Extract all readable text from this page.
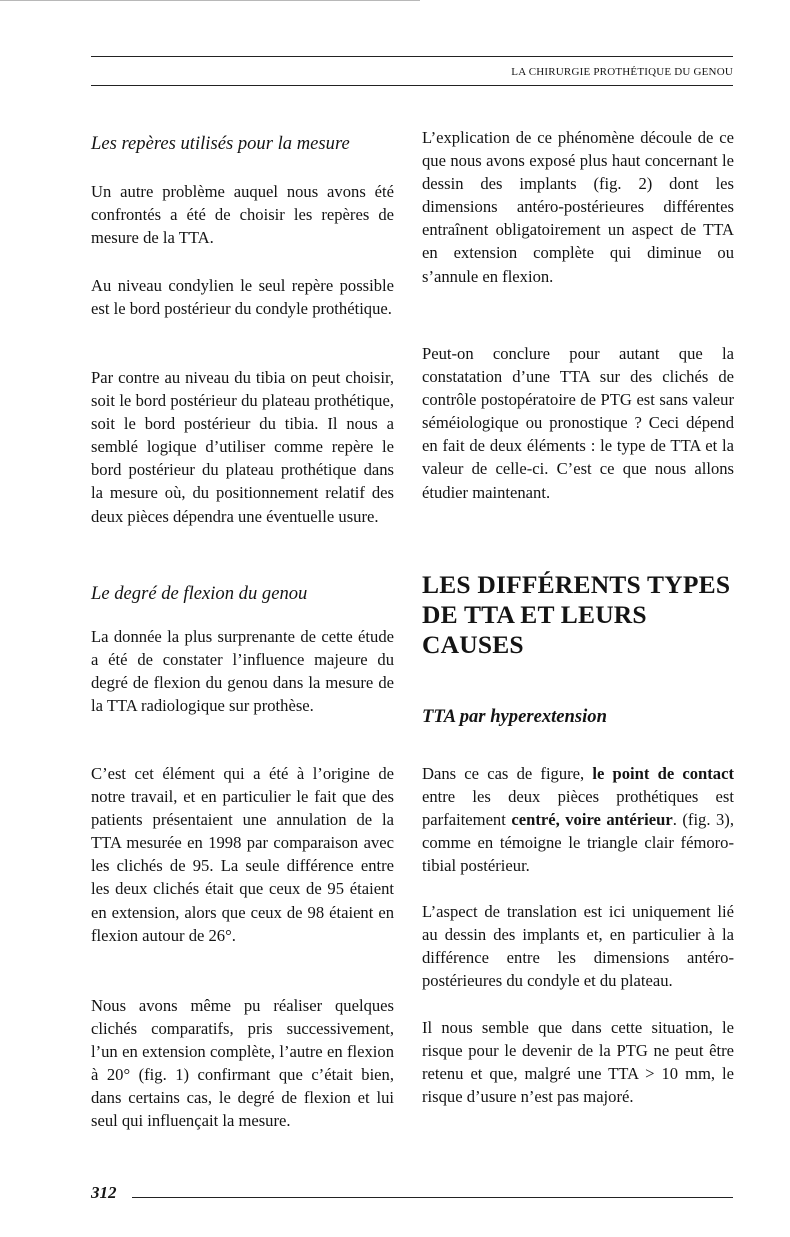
LA CHIRURGIE PROTHÉTIQUE DU GENOU
Les repères utilisés pour la mesure

Un autre problème auquel nous avons été confrontés a été de choisir les repères de mesure de la TTA.

Au niveau condylien le seul repère possible est le bord postérieur du condyle prothétique.

Par contre au niveau du tibia on peut choisir, soit le bord postérieur du plateau prothétique, soit le bord postérieur du tibia. Il nous a semblé logique d’utiliser comme repère le bord postérieur du plateau prothétique dans la mesure où, du positionnement relatif des deux pièces dépendra une éventuelle usure.

Le degré de flexion du genou

La donnée la plus surprenante de cette étude a été de constater l’influence majeure du degré de flexion du genou dans la mesure de la TTA radiologique sur prothèse.

C’est cet élément qui a été à l’origine de notre travail, et en particulier le fait que des patients présentaient une annulation de la TTA mesurée en 1998 par comparaison avec les clichés de 95. La seule différence entre les deux clichés était que ceux de 95 étaient en extension, alors que ceux de 98 étaient en flexion autour de 26°.

Nous avons même pu réaliser quelques clichés comparatifs, pris successivement, l’un en extension complète, l’autre en flexion à 20° (fig. 1) confirmant que c’était bien, dans certains cas, le degré de flexion et lui seul qui influençait la mesure.

L’explication de ce phénomène découle de ce que nous avons exposé plus haut concernant le dessin des implants (fig. 2) dont les dimensions antéro-postérieures différentes entraînent obligatoirement un aspect de TTA en extension complète qui diminue ou s’annule en flexion.

Peut-on conclure pour autant que la constatation d’une TTA sur des clichés de contrôle postopératoire de PTG est sans valeur séméiologique ou pronostique ? Ceci dépend en fait de deux éléments : le type de TTA et la valeur de celle-ci. C’est ce que nous allons étudier maintenant.

LES DIFFÉRENTS TYPES DE TTA ET LEURS CAUSES
TTA par hyperextension

Dans ce cas de figure, le point de contact entre les deux pièces prothétiques est parfaitement centré, voire antérieur. (fig. 3), comme en témoigne le triangle clair fémoro-tibial postérieur.

L’aspect de translation est ici uniquement lié au dessin des implants et, en particulier à la différence entre les dimensions antéro-postérieures du condyle et du plateau.

Il nous semble que dans cette situation, le risque pour le devenir de la PTG ne peut être retenu et que, malgré une TTA > 10 mm, le risque d’usure n’est pas majoré.

312
